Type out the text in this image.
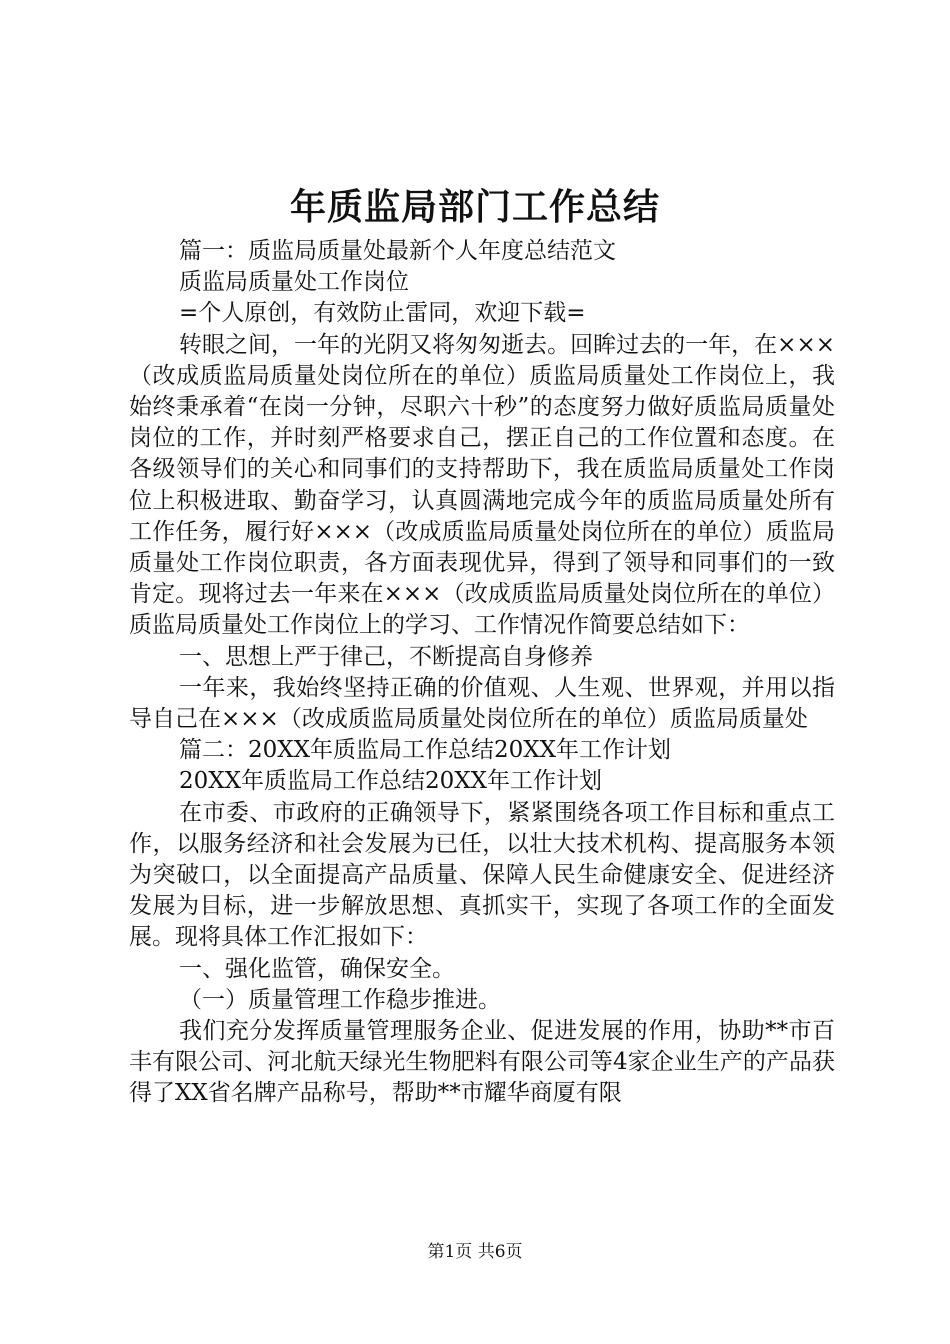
年质监局部门工作总结

篇一：质监局质量处最新个人年度总结范文

质监局质量处工作岗位

=个人原创，有效防止雷同，欢迎下载=

转眼之间，一年的光阴又将匆匆逝去。回眸过去的一年，在×××（改成质监局质量处岗位所在的单位）质监局质量处工作岗位上，我始终秉承着“在岗一分钟，尽职六十秒”的态度努力做好质监局质量处岗位的工作，并时刻严格要求自己，摆正自己的工作位置和态度。在各级领导们的关心和同事们的支持帮助下，我在质监局质量处工作岗位上积极进取、勤奋学习，认真圆满地完成今年的质监局质量处所有工作任务，履行好×××（改成质监局质量处岗位所在的单位）质监局质量处工作岗位职责，各方面表现优异，得到了领导和同事们的一致肯定。现将过去一年来在×××（改成质监局质量处岗位所在的单位）质监局质量处工作岗位上的学习、工作情况作简要总结如下：

一、思想上严于律己，不断提高自身修养

一年来，我始终坚持正确的价值观、人生观、世界观，并用以指导自己在×××（改成质监局质量处岗位所在的单位）质监局质量处

篇二：20XX年质监局工作总结20XX年工作计划

20XX年质监局工作总结20XX年工作计划

在市委、市政府的正确领导下，紧紧围绕各项工作目标和重点工作，以服务经济和社会发展为已任，以壮大技术机构、提高服务本领为突破口，以全面提高产品质量、保障人民生命健康安全、促进经济发展为目标，进一步解放思想、真抓实干，实现了各项工作的全面发展。现将具体工作汇报如下：

一、强化监管，确保安全。

（一）质量管理工作稳步推进。

我们充分发挥质量管理服务企业、促进发展的作用，协助**市百丰有限公司、河北航天绿光生物肥料有限公司等4家企业生产的产品获得了XX省名牌产品称号，帮助**市耀华商厦有限

第1页 共6页
